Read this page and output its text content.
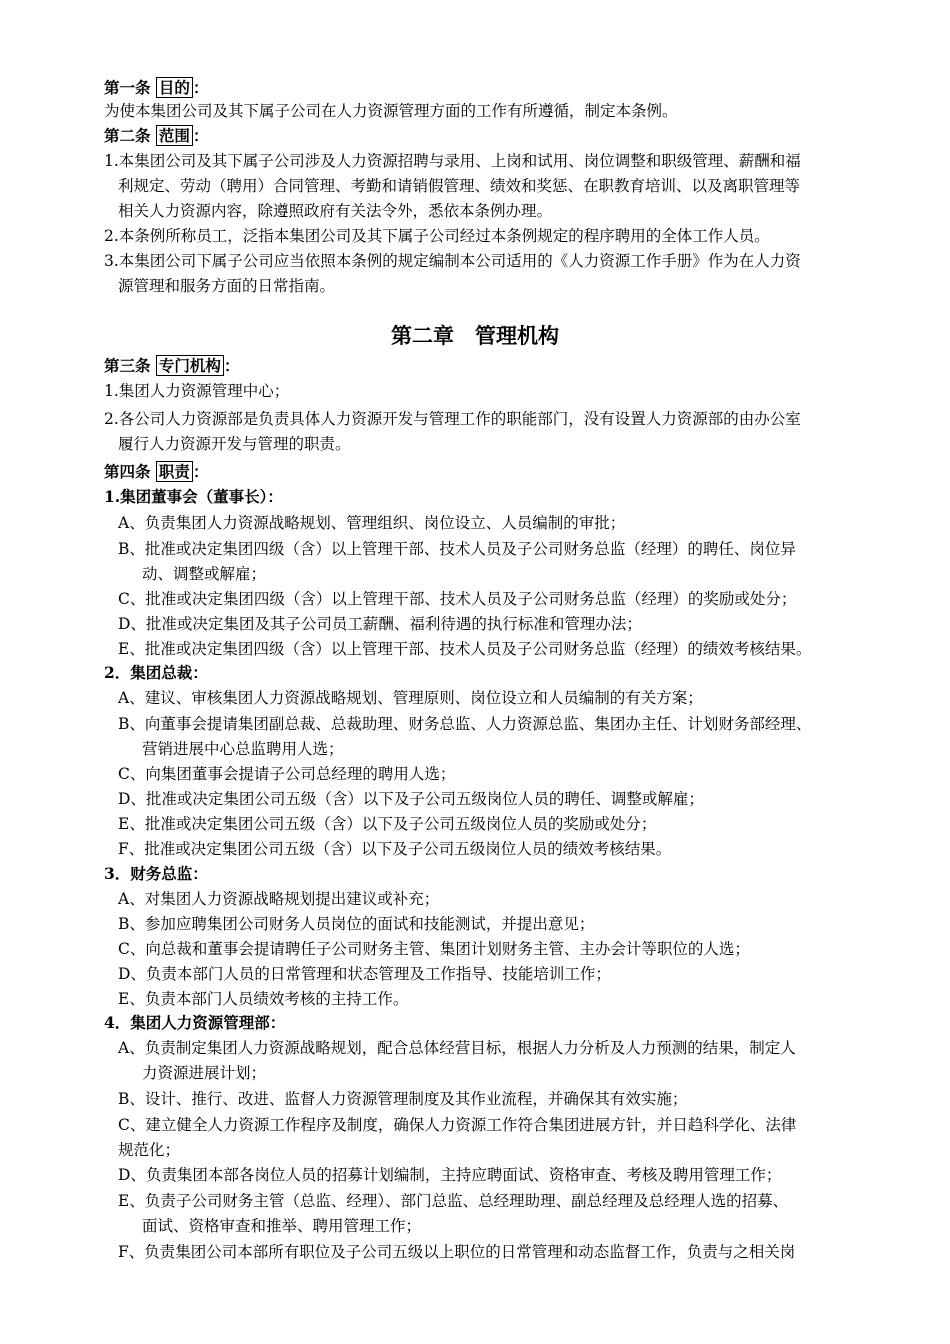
第一条 目的 ：
为使本集团公司及其下属子公司在人力资源管理方面的工作有所遵循，制定本条例。
第二条 范围 ：
1.本集团公司及其下属子公司涉及人力资源招聘与录用、上岗和试用、岗位调整和职级管理、薪酬和福
利规定、劳动（聘用）合同管理、考勤和请销假管理、绩效和奖惩、在职教育培训、以及离职管理等
相关人力资源内容，除遵照政府有关法令外，悉依本条例办理。
2.本条例所称员工，泛指本集团公司及其下属子公司经过本条例规定的程序聘用的全体工作人员。
3.本集团公司下属子公司应当依照本条例的规定编制本公司适用的《人力资源工作手册》作为在人力资
源管理和服务方面的日常指南。
第二章　管理机构
第三条 专门机构 ：
1.集团人力资源管理中心；
2.各公司人力资源部是负责具体人力资源开发与管理工作的职能部门，没有设置人力资源部的由办公室
履行人力资源开发与管理的职责。
第四条 职责 ：
1.集团董事会（董事长）：
A、负责集团人力资源战略规划、管理组织、岗位设立、人员编制的审批；
B、批准或决定集团四级（含）以上管理干部、技术人员及子公司财务总监（经理）的聘任、岗位异
动、调整或解雇；
C、批准或决定集团四级（含）以上管理干部、技术人员及子公司财务总监（经理）的奖励或处分；
D、批准或决定集团及其子公司员工薪酬、福利待遇的执行标准和管理办法；
E、批准或决定集团四级（含）以上管理干部、技术人员及子公司财务总监（经理）的绩效考核结果。
2．集团总裁：
A、建议、审核集团人力资源战略规划、管理原则、岗位设立和人员编制的有关方案；
B、向董事会提请集团副总裁、总裁助理、财务总监、人力资源总监、集团办主任、计划财务部经理、
营销进展中心总监聘用人选；
C、向集团董事会提请子公司总经理的聘用人选；
D、批准或决定集团公司五级（含）以下及子公司五级岗位人员的聘任、调整或解雇；
E、批准或决定集团公司五级（含）以下及子公司五级岗位人员的奖励或处分；
F、批准或决定集团公司五级（含）以下及子公司五级岗位人员的绩效考核结果。
3．财务总监：
A、对集团人力资源战略规划提出建议或补充；
B、参加应聘集团公司财务人员岗位的面试和技能测试，并提出意见；
C、向总裁和董事会提请聘任子公司财务主管、集团计划财务主管、主办会计等职位的人选；
D、负责本部门人员的日常管理和状态管理及工作指导、技能培训工作；
E、负责本部门人员绩效考核的主持工作。
4．集团人力资源管理部：
A、负责制定集团人力资源战略规划，配合总体经营目标，根据人力分析及人力预测的结果，制定人
力资源进展计划；
B、设计、推行、改进、监督人力资源管理制度及其作业流程，并确保其有效实施；
C、建立健全人力资源工作程序及制度，确保人力资源工作符合集团进展方针，并日趋科学化、法律
规范化；
D、负责集团本部各岗位人员的招募计划编制，主持应聘面试、资格审查、考核及聘用管理工作；
E、负责子公司财务主管（总监、经理）、部门总监、总经理助理、副总经理及总经理人选的招募、
面试、资格审查和推举、聘用管理工作；
F、负责集团公司本部所有职位及子公司五级以上职位的日常管理和动态监督工作，负责与之相关岗
